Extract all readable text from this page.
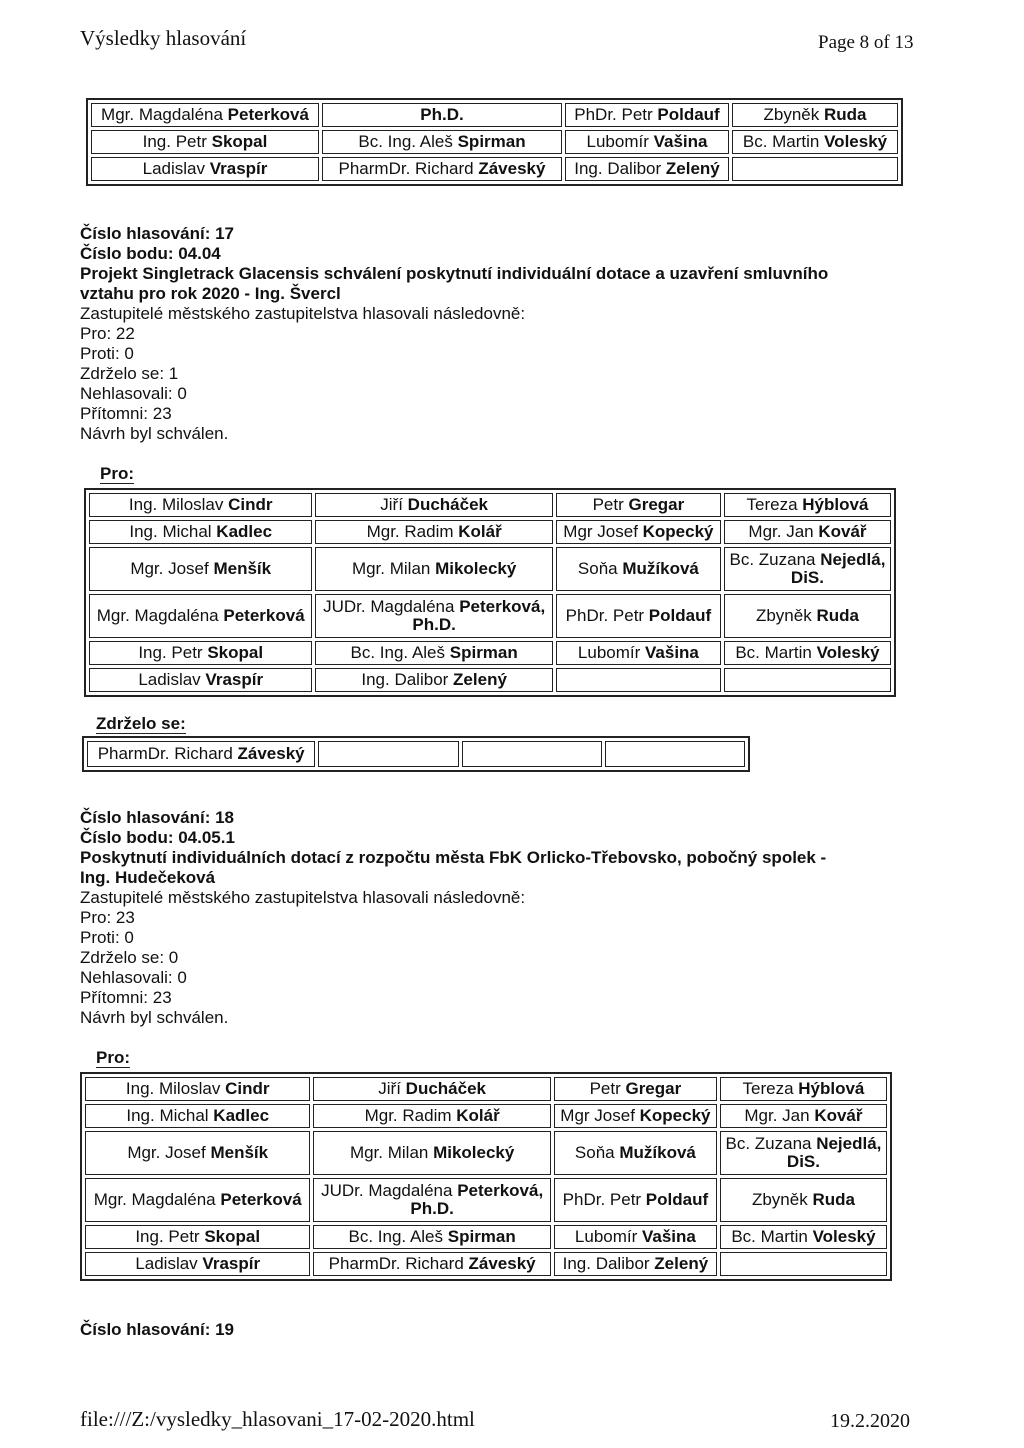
Výsledky hlasování	Page 8 of 13
Mgr. Magdaléna Peterková	Ph.D.	PhDr. Petr Poldauf	Zbyněk Ruda
Ing. Petr Skopal	Bc. Ing. Aleš Spirman	Lubomír Vašina	Bc. Martin Voleský
Ladislav Vraspír	PharmDr. Richard Záveský	Ing. Dalibor Zelený	
Číslo hlasování: 17
Číslo bodu: 04.04
Projekt Singletrack Glacensis schválení poskytnutí individuální dotace a uzavření smluvního
vztahu pro rok 2020 - Ing. Švercl
Zastupitelé městského zastupitelstva hlasovali následovně:
Pro: 22
Proti: 0
Zdrželo se: 1
Nehlasovali: 0
Přítomni: 23
Návrh byl schválen.
Pro:
Ing. Miloslav Cindr	Jiří Ducháček	Petr Gregar	Tereza Hýblová
Ing. Michal Kadlec	Mgr. Radim Kolář	Mgr Josef Kopecký	Mgr. Jan Kovář
Mgr. Josef Menšík	Mgr. Milan Mikolecký	Soňa Mužíková	Bc. Zuzana Nejedlá, DiS.
Mgr. Magdaléna Peterková	JUDr. Magdaléna Peterková, Ph.D.	PhDr. Petr Poldauf	Zbyněk Ruda
Ing. Petr Skopal	Bc. Ing. Aleš Spirman	Lubomír Vašina	Bc. Martin Voleský
Ladislav Vraspír	Ing. Dalibor Zelený		
Zdrželo se:
PharmDr. Richard Záveský			
Číslo hlasování: 18
Číslo bodu: 04.05.1
Poskytnutí individuálních dotací z rozpočtu města FbK Orlicko-Třebovsko, pobočný spolek -
Ing. Hudečeková
Zastupitelé městského zastupitelstva hlasovali následovně:
Pro: 23
Proti: 0
Zdrželo se: 0
Nehlasovali: 0
Přítomni: 23
Návrh byl schválen.
Pro:
Ing. Miloslav Cindr	Jiří Ducháček	Petr Gregar	Tereza Hýblová
Ing. Michal Kadlec	Mgr. Radim Kolář	Mgr Josef Kopecký	Mgr. Jan Kovář
Mgr. Josef Menšík	Mgr. Milan Mikolecký	Soňa Mužíková	Bc. Zuzana Nejedlá, DiS.
Mgr. Magdaléna Peterková	JUDr. Magdaléna Peterková, Ph.D.	PhDr. Petr Poldauf	Zbyněk Ruda
Ing. Petr Skopal	Bc. Ing. Aleš Spirman	Lubomír Vašina	Bc. Martin Voleský
Ladislav Vraspír	PharmDr. Richard Záveský	Ing. Dalibor Zelený	
Číslo hlasování: 19
file:///Z:/vysledky_hlasovani_17-02-2020.html	19.2.2020
